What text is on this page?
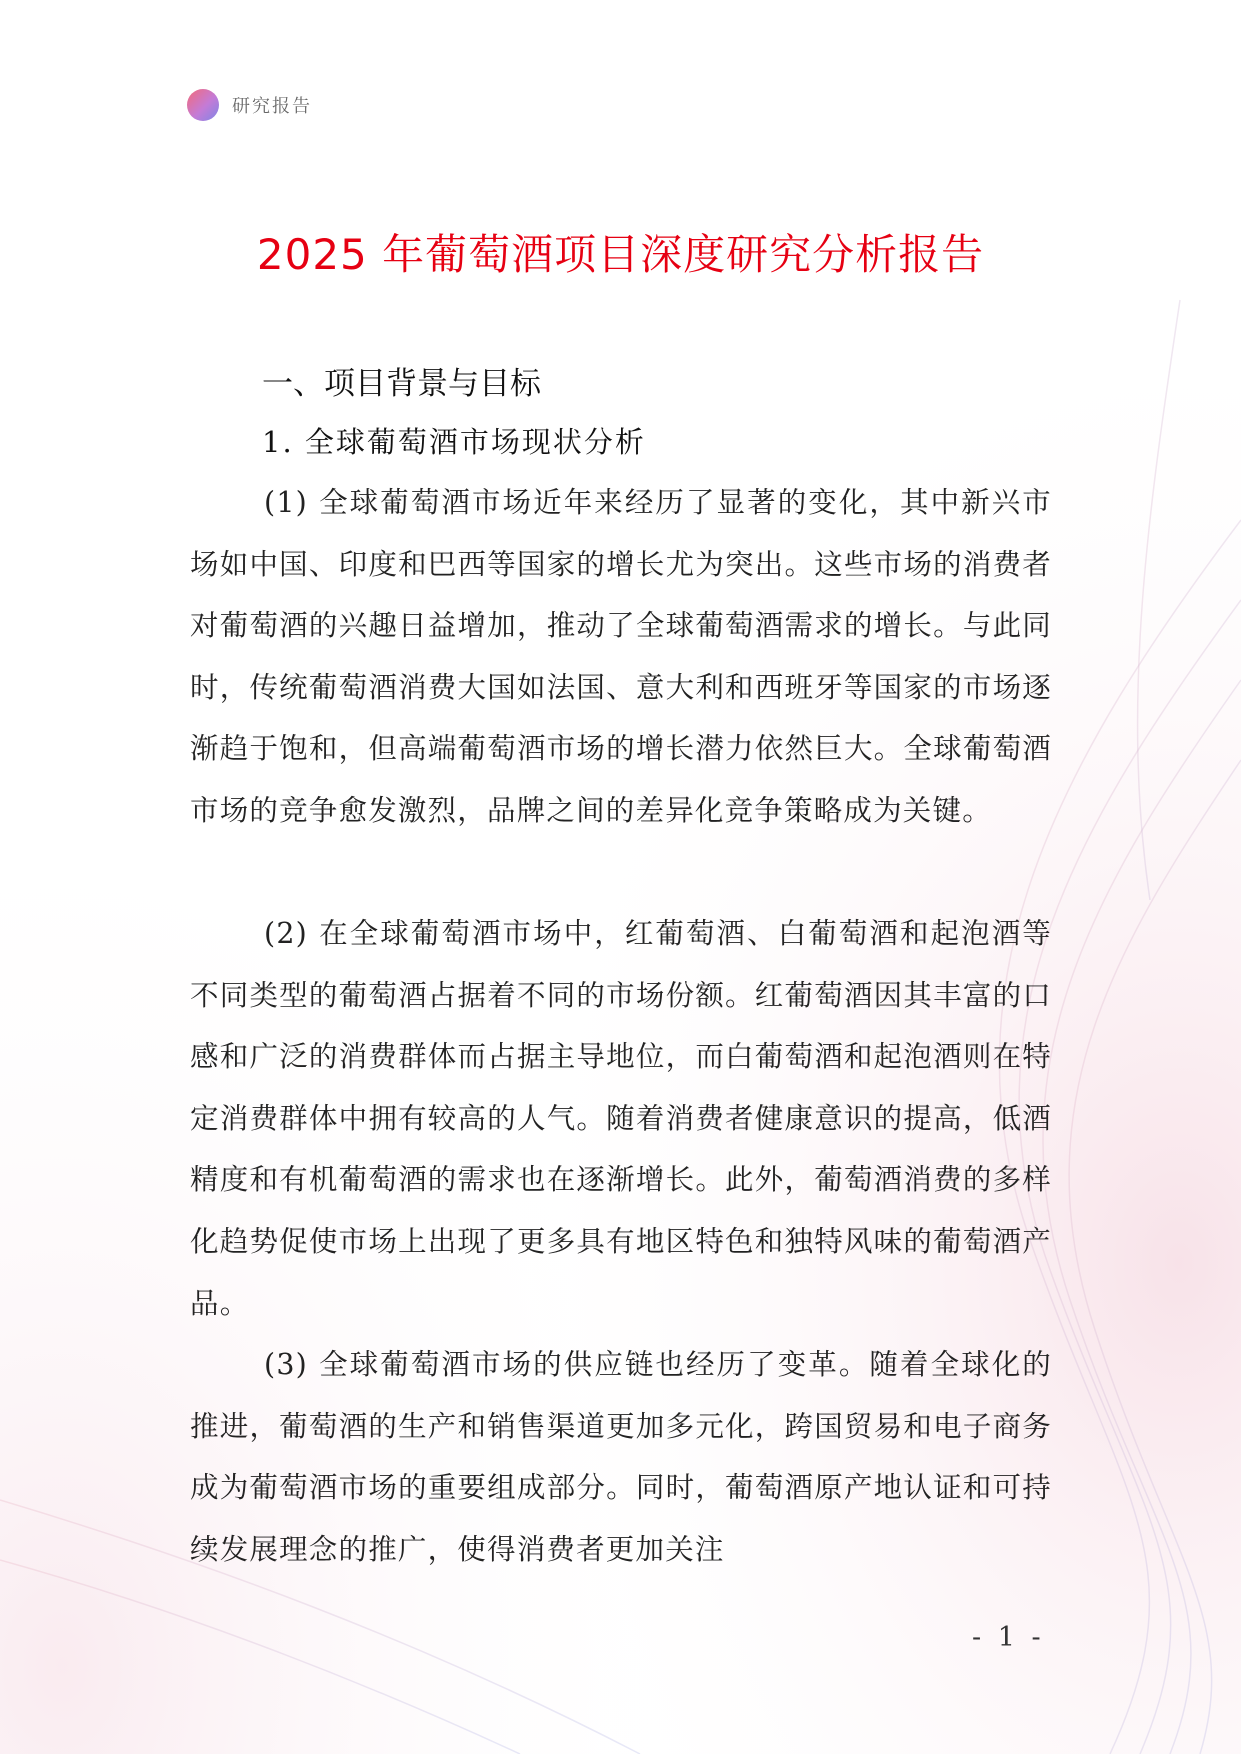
研究报告
2025 年葡萄酒项目深度研究分析报告
一、项目背景与目标
1. 全球葡萄酒市场现状分析

(1) 全球葡萄酒市场近年来经历了显著的变化，其中新兴市场如中国、印度和巴西等国家的增长尤为突出。这些市场的消费者对葡萄酒的兴趣日益增加，推动了全球葡萄酒需求的增长。与此同时，传统葡萄酒消费大国如法国、意大利和西班牙等国家的市场逐渐趋于饱和，但高端葡萄酒市场的增长潜力依然巨大。全球葡萄酒市场的竞争愈发激烈，品牌之间的差异化竞争策略成为关键。

(2) 在全球葡萄酒市场中，红葡萄酒、白葡萄酒和起泡酒等不同类型的葡萄酒占据着不同的市场份额。红葡萄酒因其丰富的口感和广泛的消费群体而占据主导地位，而白葡萄酒和起泡酒则在特定消费群体中拥有较高的人气。随着消费者健康意识的提高，低酒精度和有机葡萄酒的需求也在逐渐增长。此外，葡萄酒消费的多样化趋势促使市场上出现了更多具有地区特色和独特风味的葡萄酒产品。

(3) 全球葡萄酒市场的供应链也经历了变革。随着全球化的推进，葡萄酒的生产和销售渠道更加多元化，跨国贸易和电子商务成为葡萄酒市场的重要组成部分。同时，葡萄酒原产地认证和可持续发展理念的推广，使得消费者更加关注

- 1 -
